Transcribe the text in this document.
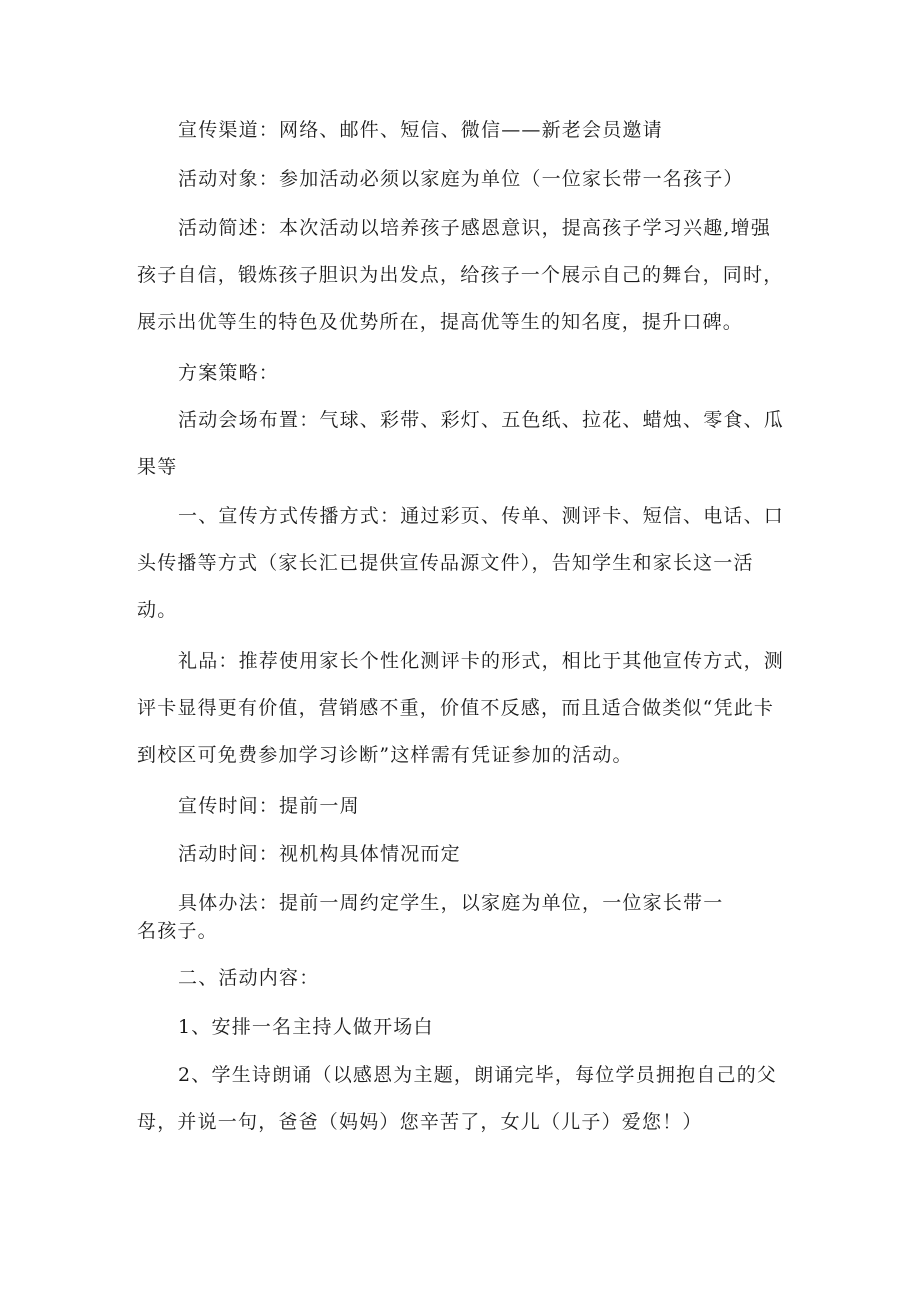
宣传渠道：网络、邮件、短信、微信——新老会员邀请

活动对象：参加活动必须以家庭为单位（一位家长带一名孩子）

活动简述：本次活动以培养孩子感恩意识，提高孩子学习兴趣,增强孩子自信，锻炼孩子胆识为出发点，给孩子一个展示自己的舞台，同时，展示出优等生的特色及优势所在，提高优等生的知名度，提升口碑。

方案策略：

活动会场布置：气球、彩带、彩灯、五色纸、拉花、蜡烛、零食、瓜果等

一、宣传方式传播方式：通过彩页、传单、测评卡、短信、电话、口头传播等方式（家长汇已提供宣传品源文件），告知学生和家长这一活动。

礼品：推荐使用家长个性化测评卡的形式，相比于其他宣传方式，测评卡显得更有价值，营销感不重，价值不反感，而且适合做类似“凭此卡到校区可免费参加学习诊断”这样需有凭证参加的活动。

宣传时间：提前一周

活动时间：视机构具体情况而定

具体办法：提前一周约定学生，以家庭为单位，一位家长带一名孩子。

二、活动内容：

1、安排一名主持人做开场白

2、学生诗朗诵（以感恩为主题，朗诵完毕，每位学员拥抱自己的父母，并说一句，爸爸（妈妈）您辛苦了，女儿（儿子）爱您！）
